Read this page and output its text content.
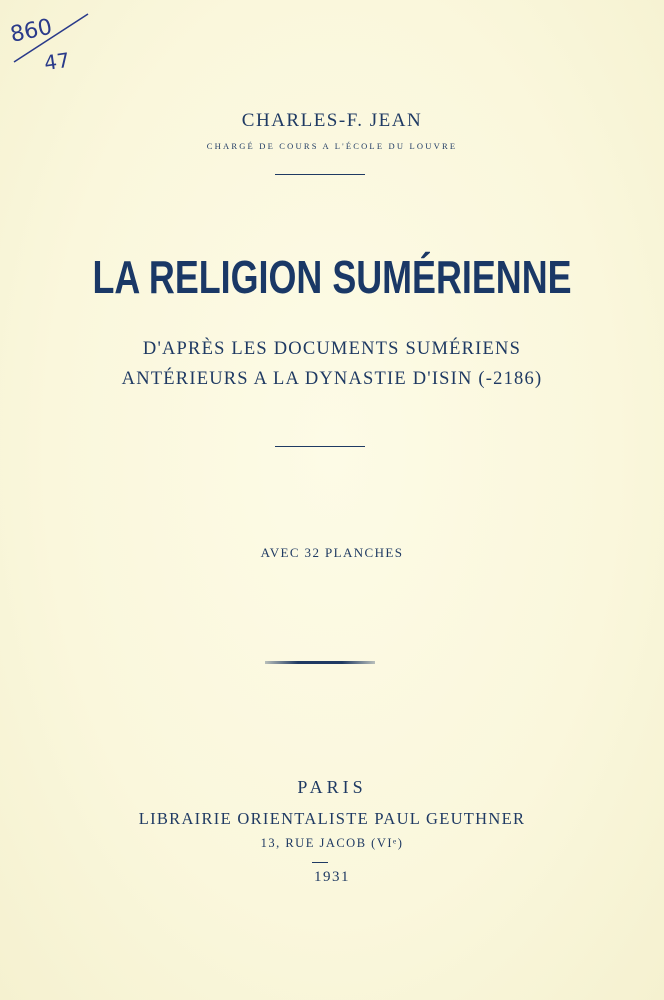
860
47
CHARLES-F. JEAN
CHARGÉ DE COURS A L'ÉCOLE DU LOUVRE
LA RELIGION SUMÉRIENNE
D'APRÈS LES DOCUMENTS SUMÉRIENS
ANTÉRIEURS A LA DYNASTIE D'ISIN (-2186)
AVEC 32 PLANCHES
PARIS
LIBRAIRIE ORIENTALISTE PAUL GEUTHNER
13, RUE JACOB (VIᵉ)
1931
